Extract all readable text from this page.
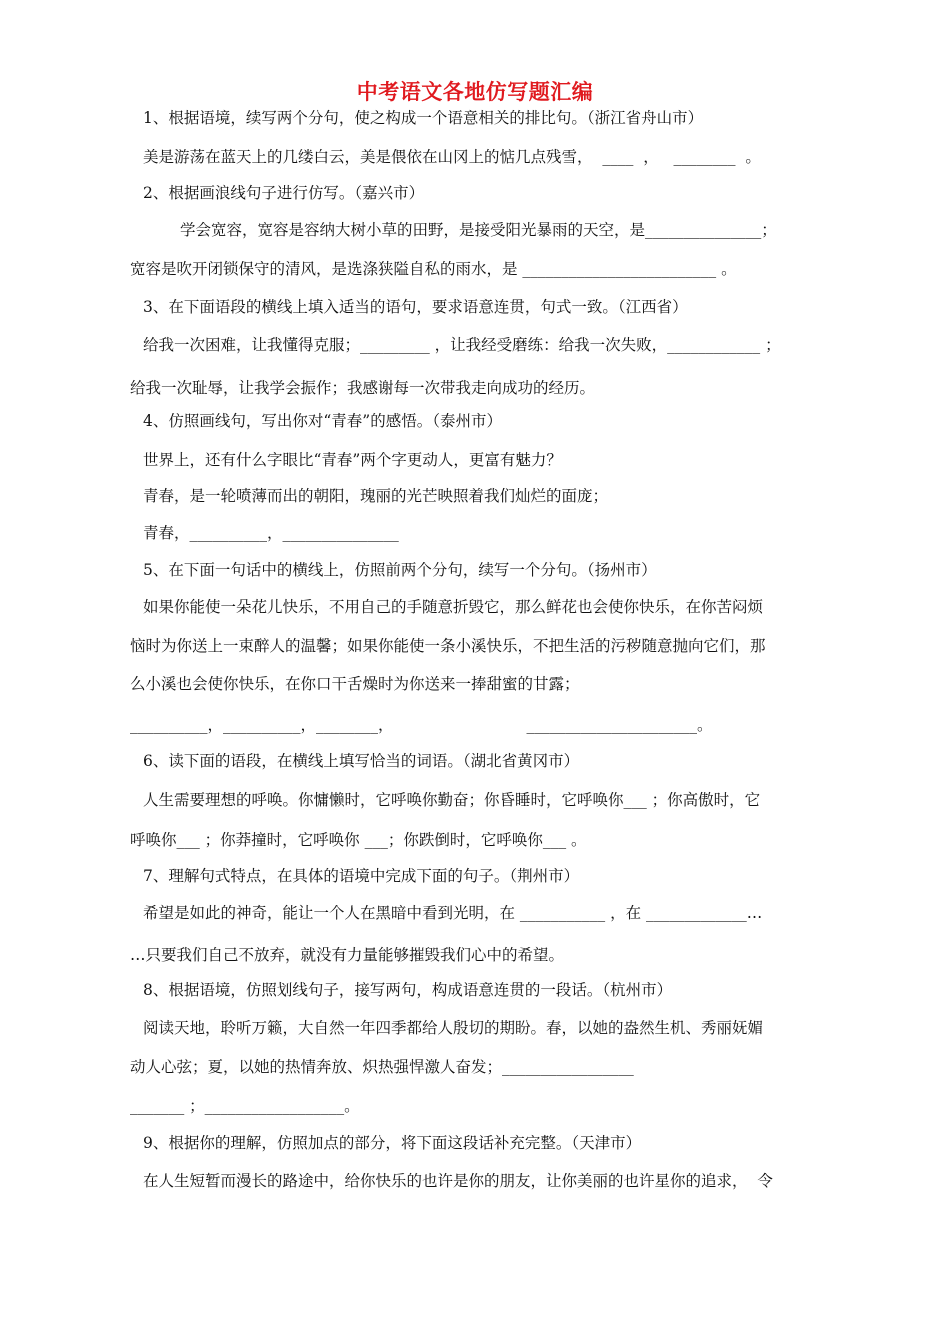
中考语文各地仿写题汇编
1、根据语境，续写两个分句，使之构成一个语意相关的排比句。（浙江省舟山市）
美是游荡在蓝天上的几缕白云，美是偎依在山冈上的惦几点残雪，  ____  ，   ________  。
2、根据画浪线句子进行仿写。（嘉兴市）
学会宽容，宽容是容纳大树小草的田野，是接受阳光暴雨的天空，是_______________；
宽容是吹开闭锁保守的清风，是选涤狭隘自私的雨水，是 _________________________ 。
3、在下面语段的横线上填入适当的语句，要求语意连贯，句式一致。（江西省）
给我一次困难，让我懂得克服；_________ ，让我经受磨练：给我一次失败，____________ ；
给我一次耻辱，让我学会振作；我感谢每一次带我走向成功的经历。
4、仿照画线句，写出你对“青春”的感悟。（泰州市）
世界上，还有什么字眼比“青春”两个字更动人，更富有魅力？
青春，是一轮喷薄而出的朝阳，瑰丽的光芒映照着我们灿烂的面庞；
青春，__________，_______________
5、在下面一句话中的横线上，仿照前两个分句，续写一个分句。（扬州市）
如果你能使一朵花儿快乐，不用自己的手随意折毁它，那么鲜花也会使你快乐，在你苦闷烦
恼时为你送上一束醉人的温馨；如果你能使一条小溪快乐，不把生活的污秽随意抛向它们，那
么小溪也会使你快乐，在你口干舌燥时为你送来一捧甜蜜的甘露；
__________，__________，________，                           ______________________。
6、读下面的语段，在横线上填写恰当的词语。（湖北省黄冈市）
人生需要理想的呼唤。你慵懒时，它呼唤你勤奋；你昏睡时，它呼唤你___ ；你高傲时，它
呼唤你___ ；你莽撞时，它呼唤你 ___；你跌倒时，它呼唤你___ 。
7、理解句式特点，在具体的语境中完成下面的句子。（荆州市）
希望是如此的神奇，能让一个人在黑暗中看到光明，在 ___________ ，在 _____________…
…只要我们自己不放弃，就没有力量能够摧毁我们心中的希望。
8、根据语境，仿照划线句子，接写两句，构成语意连贯的一段话。（杭州市）
阅读天地，聆听万籁，大自然一年四季都给人殷切的期盼。春，以她的盎然生机、秀丽妩媚
动人心弦；夏，以她的热情奔放、炽热强悍激人奋发；_________________
_______ ；__________________。
9、根据你的理解，仿照加点的部分，将下面这段话补充完整。（天津市）
在人生短暂而漫长的路途中，给你快乐的也许是你的朋友，让你美丽的也许星你的追求，  令
